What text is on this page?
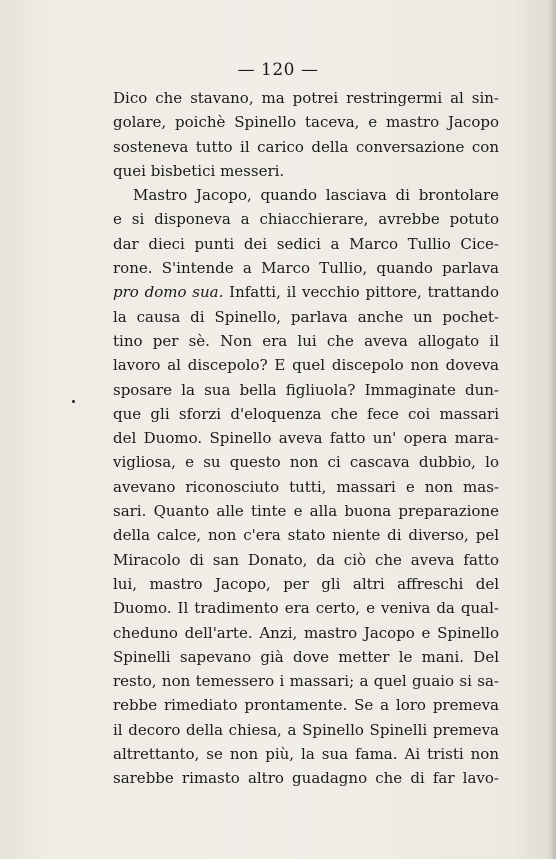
— 120 —
Dico che stavano, ma potrei restringermi al sin-
golare, poichè Spinello taceva, e mastro Jacopo
sosteneva tutto il carico della conversazione con
quei bisbetici messeri.
Mastro Jacopo, quando lasciava di brontolare
e si disponeva a chiacchierare, avrebbe potuto
dar dieci punti dei sedici a Marco Tullio Cice-
rone. S'intende a Marco Tullio, quando parlava
pro domo sua. Infatti, il vecchio pittore, trattando
la causa di Spinello, parlava anche un pochet-
tino per sè. Non era lui che aveva allogato il
lavoro al discepolo? E quel discepolo non doveva
sposare la sua bella figliuola? Immaginate dun-
que gli sforzi d'eloquenza che fece coi massari
del Duomo. Spinello aveva fatto un' opera mara-
vigliosa, e su questo non ci cascava dubbio, lo
avevano riconosciuto tutti, massari e non mas-
sari. Quanto alle tinte e alla buona preparazione
della calce, non c'era stato niente di diverso, pel
Miracolo di san Donato, da ciò che aveva fatto
lui, mastro Jacopo, per gli altri affreschi del
Duomo. Il tradimento era certo, e veniva da qual-
cheduno dell'arte. Anzi, mastro Jacopo e Spinello
Spinelli sapevano già dove metter le mani. Del
resto, non temessero i massari; a quel guaio si sa-
rebbe rimediato prontamente. Se a loro premeva
il decoro della chiesa, a Spinello Spinelli premeva
altrettanto, se non più, la sua fama. Ai tristi non
sarebbe rimasto altro guadagno che di far lavo-
